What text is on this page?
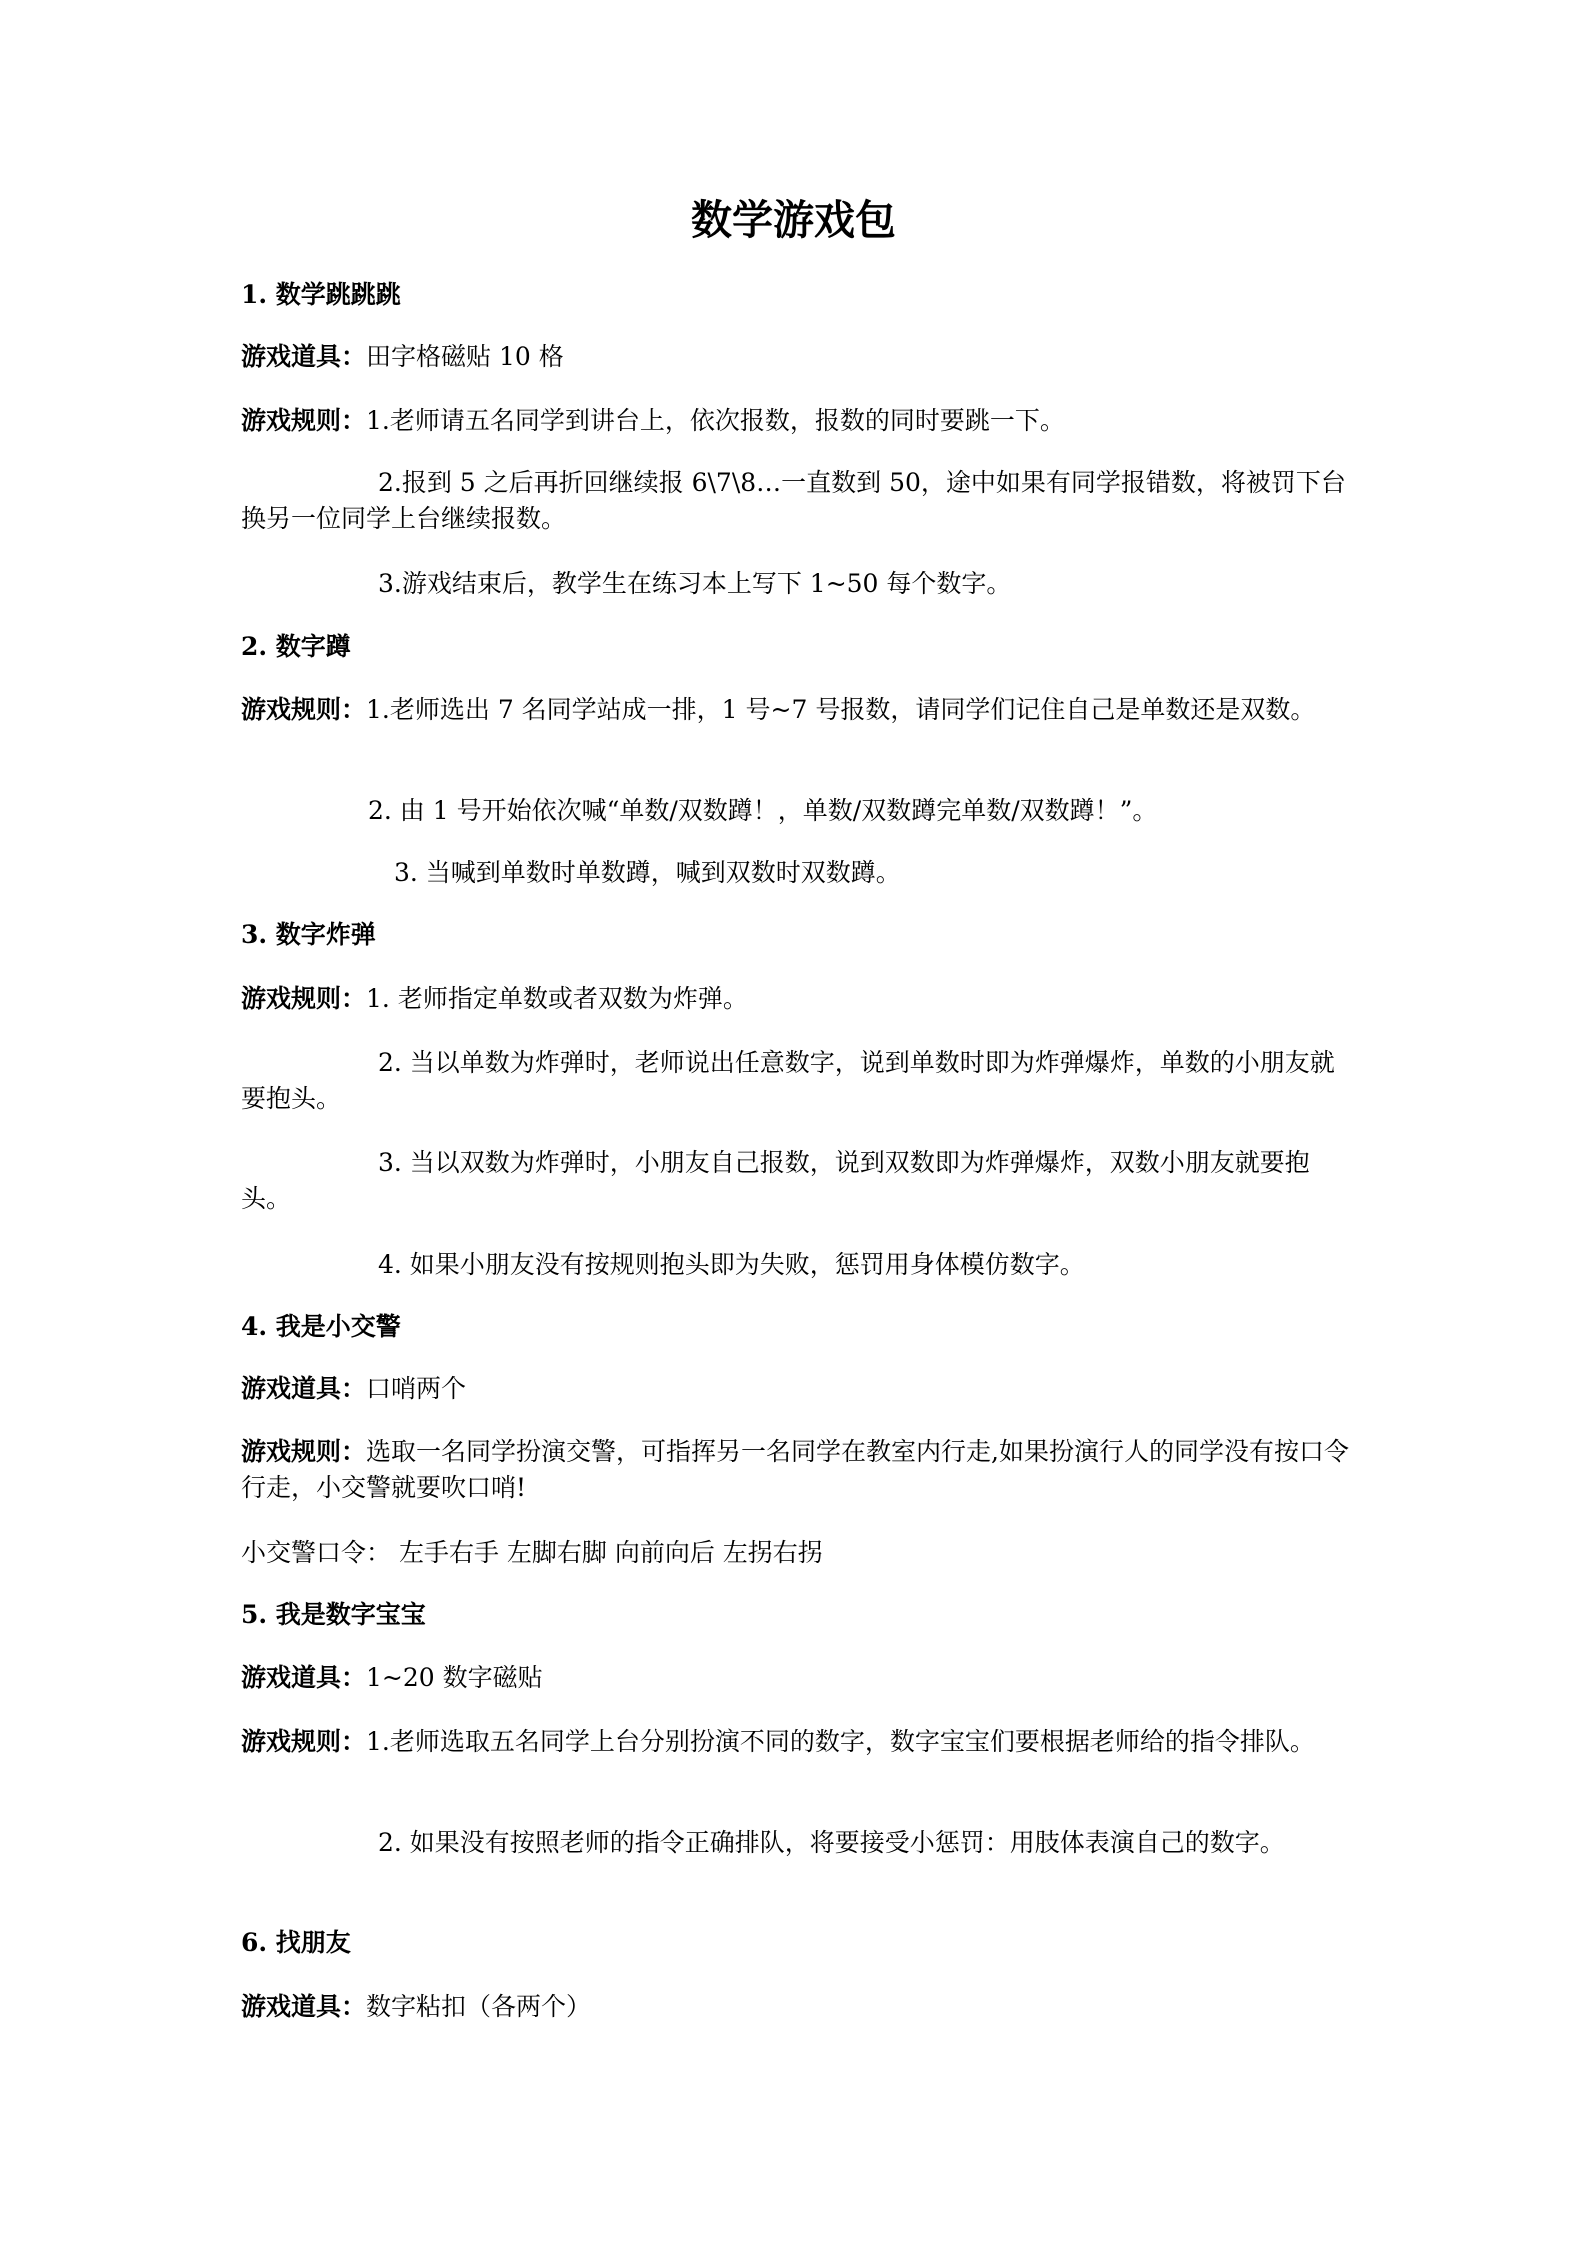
数学游戏包
1. 数学跳跳跳
游戏道具：田字格磁贴 10 格
游戏规则：1.老师请五名同学到讲台上，依次报数，报数的同时要跳一下。
2.报到 5 之后再折回继续报 6\7\8…一直数到 50，途中如果有同学报错数，将被罚下台换另一位同学上台继续报数。
3.游戏结束后，教学生在练习本上写下 1~50 每个数字。
2. 数字蹲
游戏规则：1.老师选出 7 名同学站成一排，1 号~7 号报数，请同学们记住自己是单数还是双数。
2. 由 1 号开始依次喊“单数/双数蹲！，单数/双数蹲完单数/双数蹲！”。
3. 当喊到单数时单数蹲，喊到双数时双数蹲。
3. 数字炸弹
游戏规则：1. 老师指定单数或者双数为炸弹。
2. 当以单数为炸弹时，老师说出任意数字，说到单数时即为炸弹爆炸，单数的小朋友就要抱头。
3. 当以双数为炸弹时，小朋友自己报数，说到双数即为炸弹爆炸，双数小朋友就要抱头。
4. 如果小朋友没有按规则抱头即为失败，惩罚用身体模仿数字。
4. 我是小交警
游戏道具：口哨两个
游戏规则：选取一名同学扮演交警，可指挥另一名同学在教室内行走,如果扮演行人的同学没有按口令行走，小交警就要吹口哨!
小交警口令： 左手右手 左脚右脚 向前向后 左拐右拐
5. 我是数字宝宝
游戏道具：1~20 数字磁贴
游戏规则：1.老师选取五名同学上台分别扮演不同的数字，数字宝宝们要根据老师给的指令排队。
2. 如果没有按照老师的指令正确排队，将要接受小惩罚：用肢体表演自己的数字。
6. 找朋友
游戏道具：数字粘扣（各两个）
